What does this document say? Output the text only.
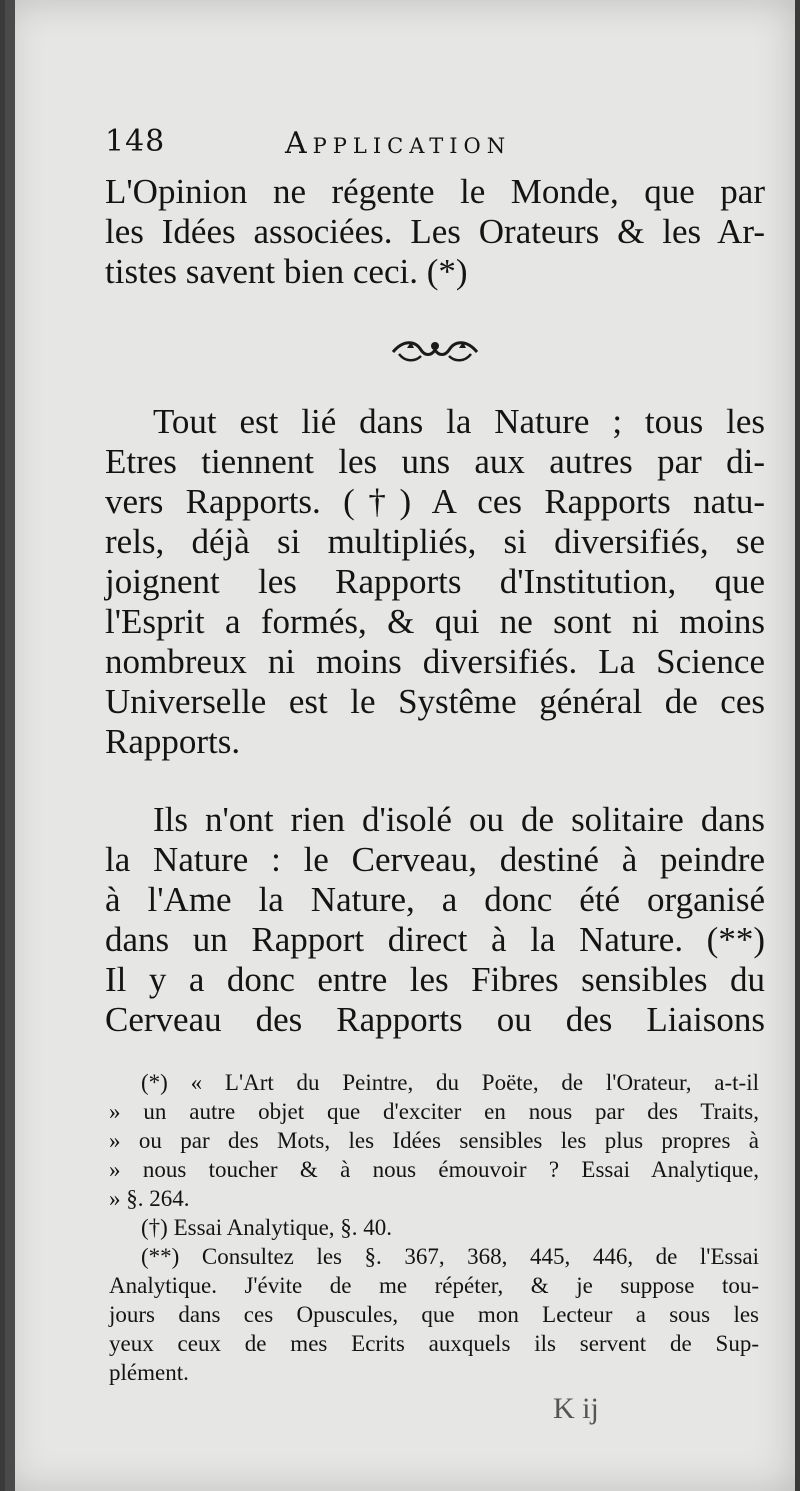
148	Application
L'Opinion ne régente le Monde, que par
les Idées associées. Les Orateurs & les Ar-
tistes savent bien ceci. (*)
Tout est lié dans la Nature ; tous les
Etres tiennent les uns aux autres par di-
vers Rapports. (†) A ces Rapports natu-
rels, déjà si multipliés, si diversifiés, se
joignent les Rapports d'Institution, que
l'Esprit a formés, & qui ne sont ni moins
nombreux ni moins diversifiés. La Science
Universelle est le Systême général de ces
Rapports.
Ils n'ont rien d'isolé ou de solitaire dans
la Nature : le Cerveau, destiné à peindre
à l'Ame la Nature, a donc été organisé
dans un Rapport direct à la Nature. (**)
Il y a donc entre les Fibres sensibles du
Cerveau des Rapports ou des Liaisons
(*) « L'Art du Peintre, du Poëte, de l'Orateur, a-t-il
» un autre objet que d'exciter en nous par des Traits,
» ou par des Mots, les Idées sensibles les plus propres à
» nous toucher & à nous émouvoir ? Essai Analytique,
» §. 264.
(†) Essai Analytique, §. 40.
(**) Consultez les §. 367, 368, 445, 446, de l'Essai
Analytique. J'évite de me répéter, & je suppose tou-
jours dans ces Opuscules, que mon Lecteur a sous les
yeux ceux de mes Ecrits auxquels ils servent de Sup-
plément.
K ij
